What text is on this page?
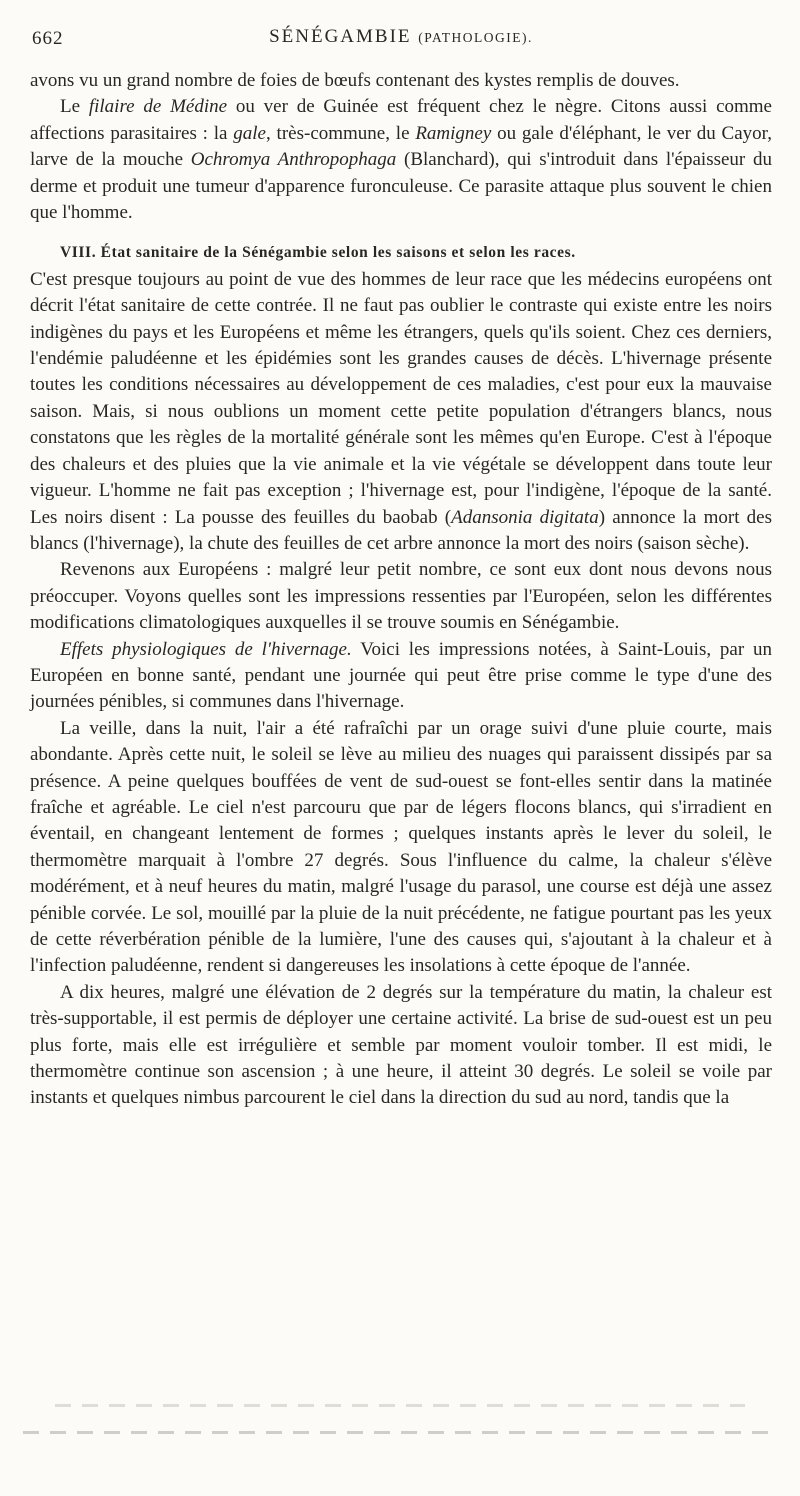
662	SÉNÉGAMBIE (PATHOLOGIE).

avons vu un grand nombre de foies de bœufs contenant des kystes remplis de douves.

Le filaire de Médine ou ver de Guinée est fréquent chez le nègre. Citons aussi comme affections parasitaires : la gale, très-commune, le Ramigney ou gale d'éléphant, le ver du Cayor, larve de la mouche Ochromya Anthropophaga (Blanchard), qui s'introduit dans l'épaisseur du derme et produit une tumeur d'apparence furonculeuse. Ce parasite attaque plus souvent le chien que l'homme.

VIII. État sanitaire de la Sénégambie selon les saisons et selon les races.

C'est presque toujours au point de vue des hommes de leur race que les médecins européens ont décrit l'état sanitaire de cette contrée. Il ne faut pas oublier le contraste qui existe entre les noirs indigènes du pays et les Européens et même les étrangers, quels qu'ils soient. Chez ces derniers, l'endémie paludéenne et les épidémies sont les grandes causes de décès. L'hivernage présente toutes les conditions nécessaires au développement de ces maladies, c'est pour eux la mauvaise saison. Mais, si nous oublions un moment cette petite population d'étrangers blancs, nous constatons que les règles de la mortalité générale sont les mêmes qu'en Europe. C'est à l'époque des chaleurs et des pluies que la vie animale et la vie végétale se développent dans toute leur vigueur. L'homme ne fait pas exception ; l'hivernage est, pour l'indigène, l'époque de la santé. Les noirs disent : La pousse des feuilles du baobab (Adansonia digitata) annonce la mort des blancs (l'hivernage), la chute des feuilles de cet arbre annonce la mort des noirs (saison sèche).

Revenons aux Européens : malgré leur petit nombre, ce sont eux dont nous devons nous préoccuper. Voyons quelles sont les impressions ressenties par l'Européen, selon les différentes modifications climatologiques auxquelles il se trouve soumis en Sénégambie.

Effets physiologiques de l'hivernage. Voici les impressions notées, à Saint-Louis, par un Européen en bonne santé, pendant une journée qui peut être prise comme le type d'une des journées pénibles, si communes dans l'hivernage.

La veille, dans la nuit, l'air a été rafraîchi par un orage suivi d'une pluie courte, mais abondante. Après cette nuit, le soleil se lève au milieu des nuages qui paraissent dissipés par sa présence. A peine quelques bouffées de vent de sud-ouest se font-elles sentir dans la matinée fraîche et agréable. Le ciel n'est parcouru que par de légers flocons blancs, qui s'irradient en éventail, en changeant lentement de formes ; quelques instants après le lever du soleil, le thermomètre marquait à l'ombre 27 degrés. Sous l'influence du calme, la chaleur s'élève modérément, et à neuf heures du matin, malgré l'usage du parasol, une course est déjà une assez pénible corvée. Le sol, mouillé par la pluie de la nuit précédente, ne fatigue pourtant pas les yeux de cette réverbération pénible de la lumière, l'une des causes qui, s'ajoutant à la chaleur et à l'infection paludéenne, rendent si dangereuses les insolations à cette époque de l'année.

A dix heures, malgré une élévation de 2 degrés sur la température du matin, la chaleur est très-supportable, il est permis de déployer une certaine activité. La brise de sud-ouest est un peu plus forte, mais elle est irrégulière et semble par moment vouloir tomber. Il est midi, le thermomètre continue son ascension ; à une heure, il atteint 30 degrés. Le soleil se voile par instants et quelques nimbus parcourent le ciel dans la direction du sud au nord, tandis que la
